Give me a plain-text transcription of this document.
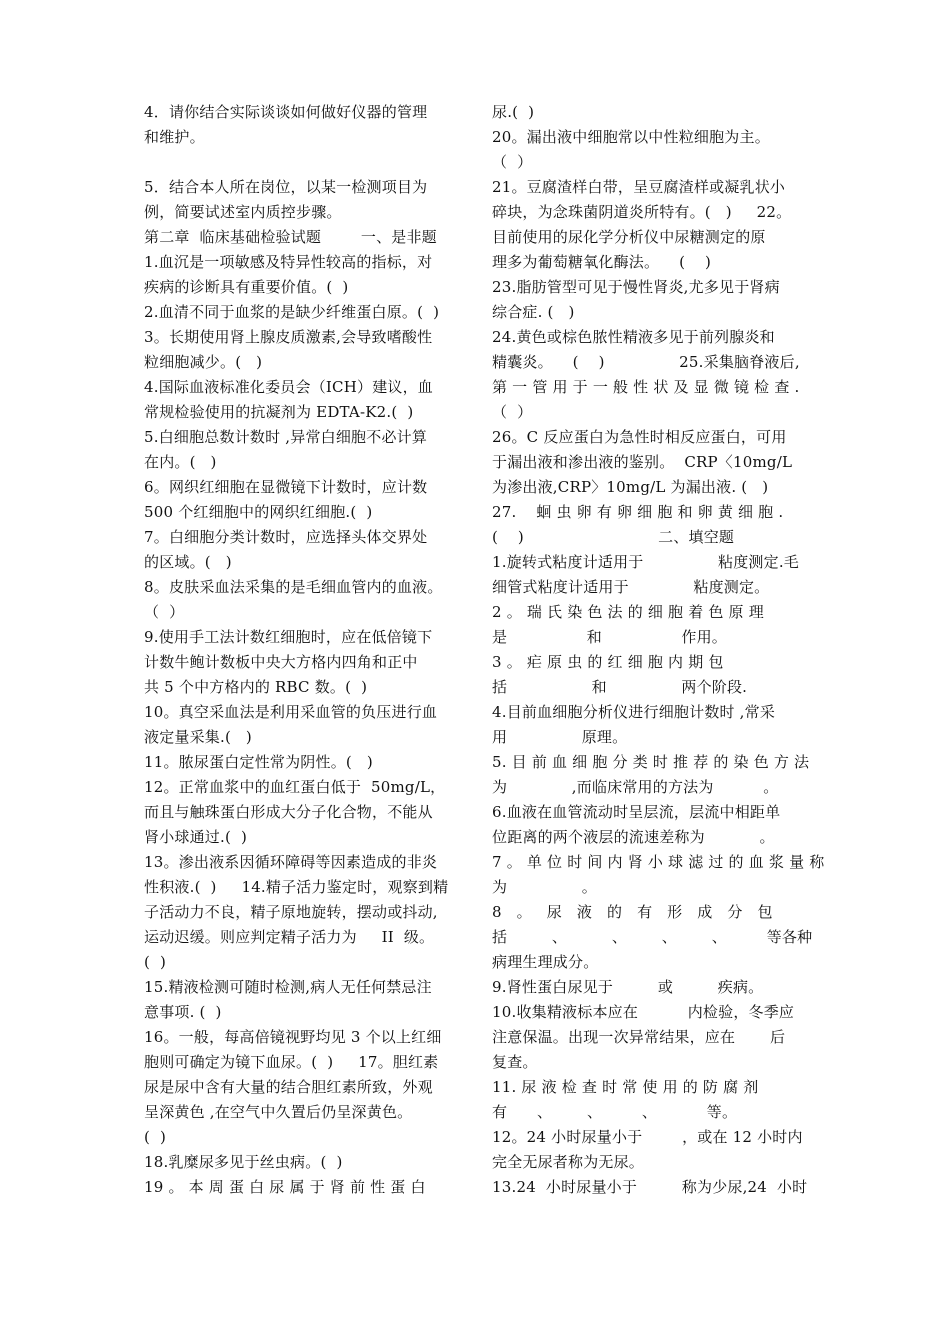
4．请你结合实际谈谈如何做好仪器的管理
和维护。
5．结合本人所在岗位，以某一检测项目为
例，简要试述室内质控步骤。
第二章  临床基础检验试题        一、是非题
1.血沉是一项敏感及特异性较高的指标，对
疾病的诊断具有重要价值。(  )
2.血清不同于血浆的是缺少纤维蛋白原。(  )
3。长期使用肾上腺皮质激素,会导致嗜酸性
粒细胞减少。(   )
4.国际血液标准化委员会（ICH）建议，血
常规检验使用的抗凝剂为 EDTA-K2.(  )
5.白细胞总数计数时 ,异常白细胞不必计算
在内。(   )
6。网织红细胞在显微镜下计数时，应计数
500 个红细胞中的网织红细胞.(  )
7。白细胞分类计数时，应选择头体交界处
的区域。(   )
8。皮肤采血法采集的是毛细血管内的血液。
（  ）
9.使用手工法计数红细胞时，应在低倍镜下
计数牛鲍计数板中央大方格内四角和正中
共 5 个中方格内的 RBC 数。(  )
10。真空采血法是利用采血管的负压进行血
液定量采集.(   )
11。脓尿蛋白定性常为阴性。(   )
12。正常血浆中的血红蛋白低于  50mg/L，
而且与触珠蛋白形成大分子化合物，不能从
肾小球通过.(  )
13。渗出液系因循环障碍等因素造成的非炎
性积液.(  )     14.精子活力鉴定时，观察到精
子活动力不良，精子原地旋转，摆动或抖动,
运动迟缓。则应判定精子活力为     II  级。
(  )
15.精液检测可随时检测,病人无任何禁忌注
意事项. (  )
16。一般，每高倍镜视野均见 3 个以上红细
胞则可确定为镜下血尿。(  )     17。胆红素
尿是尿中含有大量的结合胆红素所致，外观
呈深黄色 ,在空气中久置后仍呈深黄色。
(  )
18.乳糜尿多见于丝虫病。(  )
19 。 本 周 蛋 白 尿 属 于 肾 前 性 蛋 白
尿.(  )
20。漏出液中细胞常以中性粒细胞为主。
（  ）
21。豆腐渣样白带，呈豆腐渣样或凝乳状小
碎块，为念珠菌阴道炎所特有。(   )     22。
目前使用的尿化学分析仪中尿糖测定的原
理多为葡萄糖氧化酶法。    (    )
23.脂肪管型可见于慢性肾炎,尤多见于肾病
综合症. (   )
24.黄色或棕色脓性精液多见于前列腺炎和
精囊炎。    (    )               25.采集脑脊液后,
第 一 管 用 于 一 般 性 状 及 显 微 镜 检 查 .
（  ）
26。C 反应蛋白为急性时相反应蛋白，可用
于漏出液和渗出液的鉴别。  CRP〈10mg/L
为渗出液,CRP〉10mg/L 为漏出液. (   )
27.    蛔 虫 卵 有 卵 细 胞 和 卵 黄 细 胞 .
(    )                           二、填空题
1.旋转式粘度计适用于               粘度测定.毛
细管式粘度计适用于             粘度测定。
2 。 瑞 氏 染 色 法 的 细 胞 着 色 原 理
是                和                作用。
3 。 疟 原 虫 的 红 细 胞 内 期 包
括                 和               两个阶段.
4.目前血细胞分析仪进行细胞计数时 ,常采
用               原理。
5. 目 前 血 细 胞 分 类 时 推 荐 的 染 色 方 法
为             ,而临床常用的方法为          。
6.血液在血管流动时呈层流，层流中相距单
位距离的两个液层的流速差称为           。
7 。 单 位 时 间 内 肾 小 球 滤 过 的 血 浆 量 称
为               。
8   。   尿   液   的   有   形   成   分   包
括         、         、       、       、        等各种
病理生理成分。
9.肾性蛋白尿见于         或         疾病。
10.收集精液标本应在          内检验，冬季应
注意保温。出现一次异常结果，应在       后
复查。
11. 尿 液 检 查 时 常 使 用 的 防 腐 剂
有      、       、        、          等。
12。24 小时尿量小于        ，或在 12 小时内
完全无尿者称为无尿。
13.24  小时尿量小于         称为少尿,24  小时
